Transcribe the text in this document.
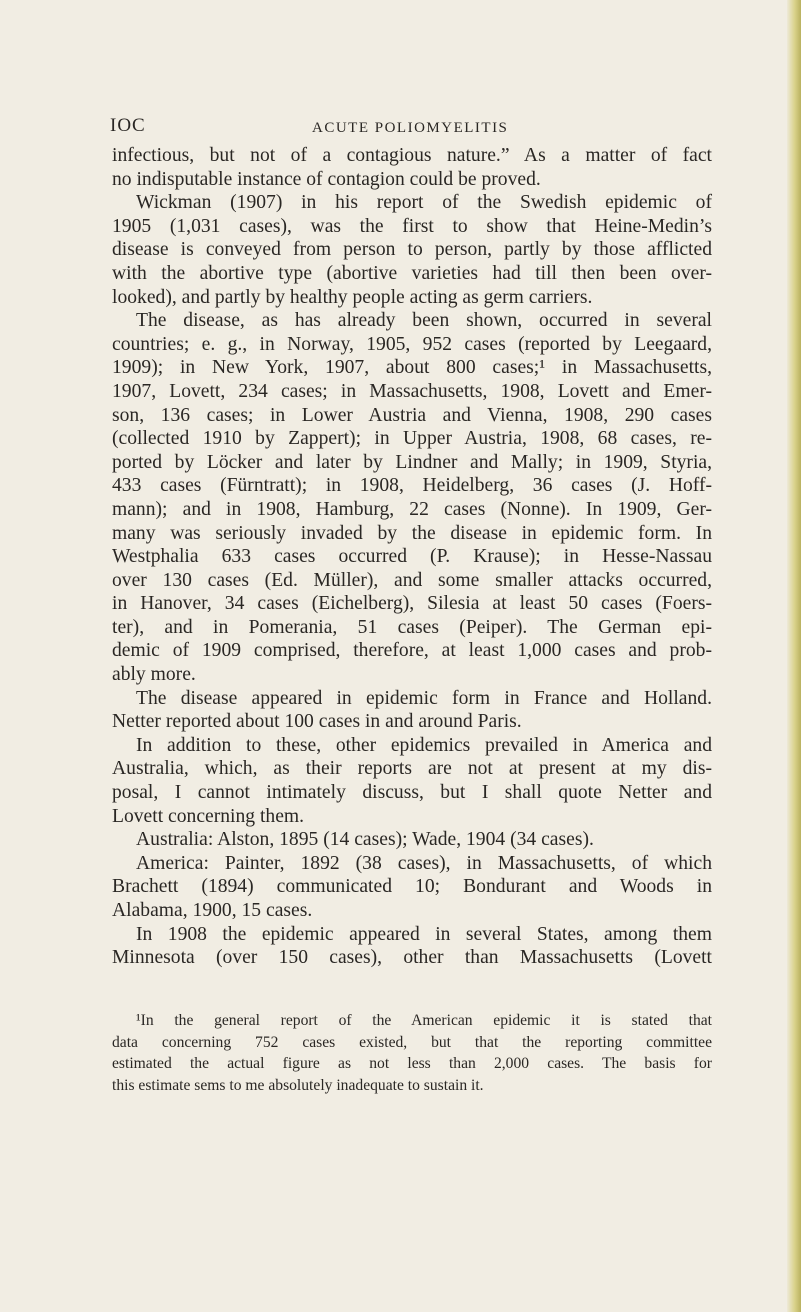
IOC	ACUTE POLIOMYELITIS
infectious, but not of a contagious nature.” As a matter of fact
no indisputable instance of contagion could be proved.
Wickman (1907) in his report of the Swedish epidemic of
1905 (1,031 cases), was the first to show that Heine-Medin’s
disease is conveyed from person to person, partly by those afflicted
with the abortive type (abortive varieties had till then been over-
looked), and partly by healthy people acting as germ carriers.
The disease, as has already been shown, occurred in several
countries; e. g., in Norway, 1905, 952 cases (reported by Leegaard,
1909); in New York, 1907, about 800 cases;¹ in Massachusetts,
1907, Lovett, 234 cases; in Massachusetts, 1908, Lovett and Emer-
son, 136 cases; in Lower Austria and Vienna, 1908, 290 cases
(collected 1910 by Zappert); in Upper Austria, 1908, 68 cases, re-
ported by Löcker and later by Lindner and Mally; in 1909, Styria,
433 cases (Fürntratt); in 1908, Heidelberg, 36 cases (J. Hoff-
mann); and in 1908, Hamburg, 22 cases (Nonne). In 1909, Ger-
many was seriously invaded by the disease in epidemic form. In
Westphalia 633 cases occurred (P. Krause); in Hesse-Nassau
over 130 cases (Ed. Müller), and some smaller attacks occurred,
in Hanover, 34 cases (Eichelberg), Silesia at least 50 cases (Foers-
ter), and in Pomerania, 51 cases (Peiper). The German epi-
demic of 1909 comprised, therefore, at least 1,000 cases and prob-
ably more.
The disease appeared in epidemic form in France and Holland.
Netter reported about 100 cases in and around Paris.
In addition to these, other epidemics prevailed in America and
Australia, which, as their reports are not at present at my dis-
posal, I cannot intimately discuss, but I shall quote Netter and
Lovett concerning them.
Australia: Alston, 1895 (14 cases); Wade, 1904 (34 cases).
America: Painter, 1892 (38 cases), in Massachusetts, of which
Brachett (1894) communicated 10; Bondurant and Woods in
Alabama, 1900, 15 cases.
In 1908 the epidemic appeared in several States, among them
Minnesota (over 150 cases), other than Massachusetts (Lovett
¹In the general report of the American epidemic it is stated that
data concerning 752 cases existed, but that the reporting committee
estimated the actual figure as not less than 2,000 cases. The basis for
this estimate sems to me absolutely inadequate to sustain it.
